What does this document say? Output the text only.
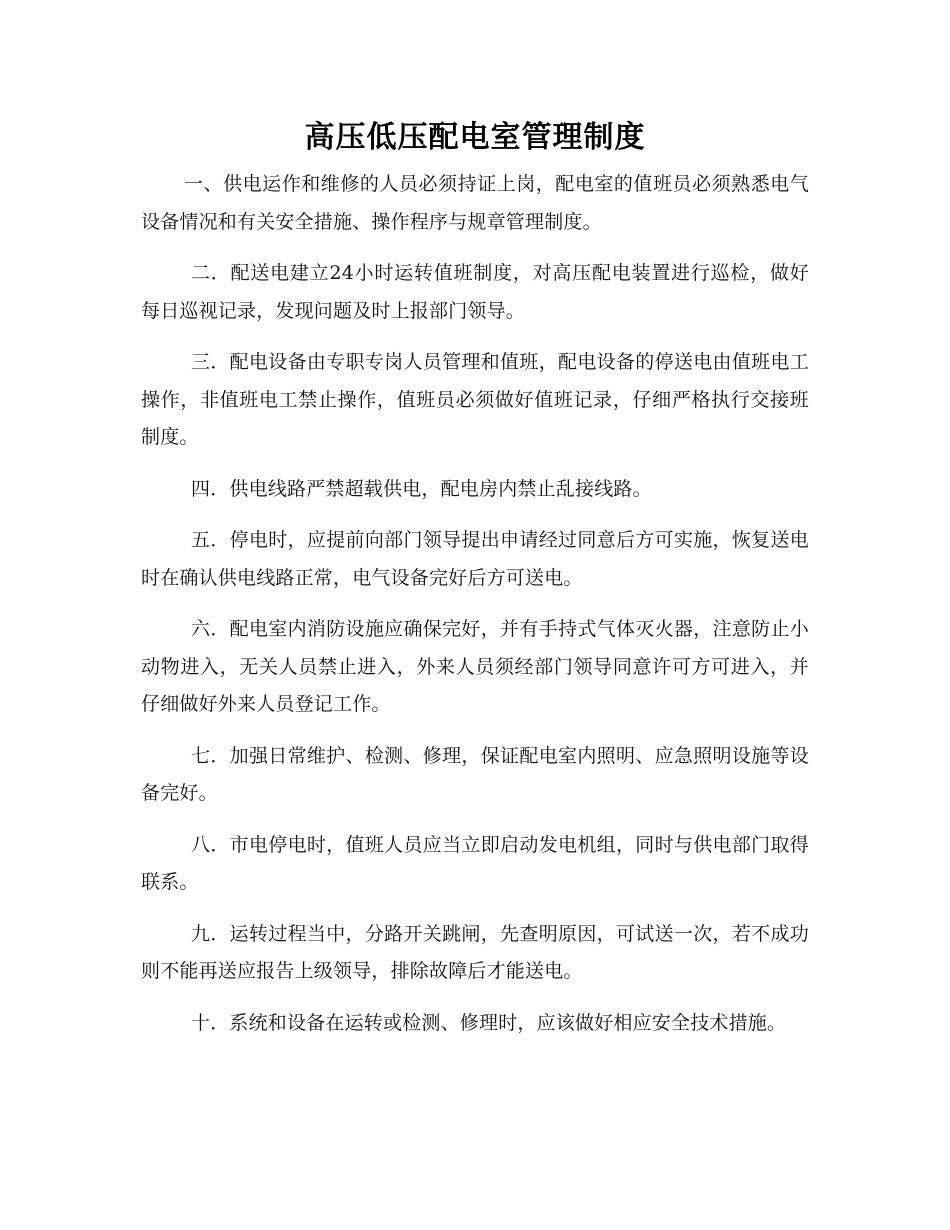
高压低压配电室管理制度

一、供电运作和维修的人员必须持证上岗，配电室的值班员必须熟悉电气设备情况和有关安全措施、操作程序与规章管理制度。

二．配送电建立24小时运转值班制度，对高压配电装置进行巡检，做好每日巡视记录，发现问题及时上报部门领导。

三．配电设备由专职专岗人员管理和值班，配电设备的停送电由值班电工操作，非值班电工禁止操作，值班员必须做好值班记录，仔细严格执行交接班制度。

四．供电线路严禁超载供电，配电房内禁止乱接线路。

五．停电时，应提前向部门领导提出申请经过同意后方可实施，恢复送电时在确认供电线路正常，电气设备完好后方可送电。

六．配电室内消防设施应确保完好，并有手持式气体灭火器，注意防止小动物进入，无关人员禁止进入，外来人员须经部门领导同意许可方可进入，并仔细做好外来人员登记工作。

七．加强日常维护、检测、修理，保证配电室内照明、应急照明设施等设备完好。

八．市电停电时，值班人员应当立即启动发电机组，同时与供电部门取得联系。

九．运转过程当中，分路开关跳闸，先查明原因，可试送一次，若不成功则不能再送应报告上级领导，排除故障后才能送电。

十．系统和设备在运转或检测、修理时，应该做好相应安全技术措施。
